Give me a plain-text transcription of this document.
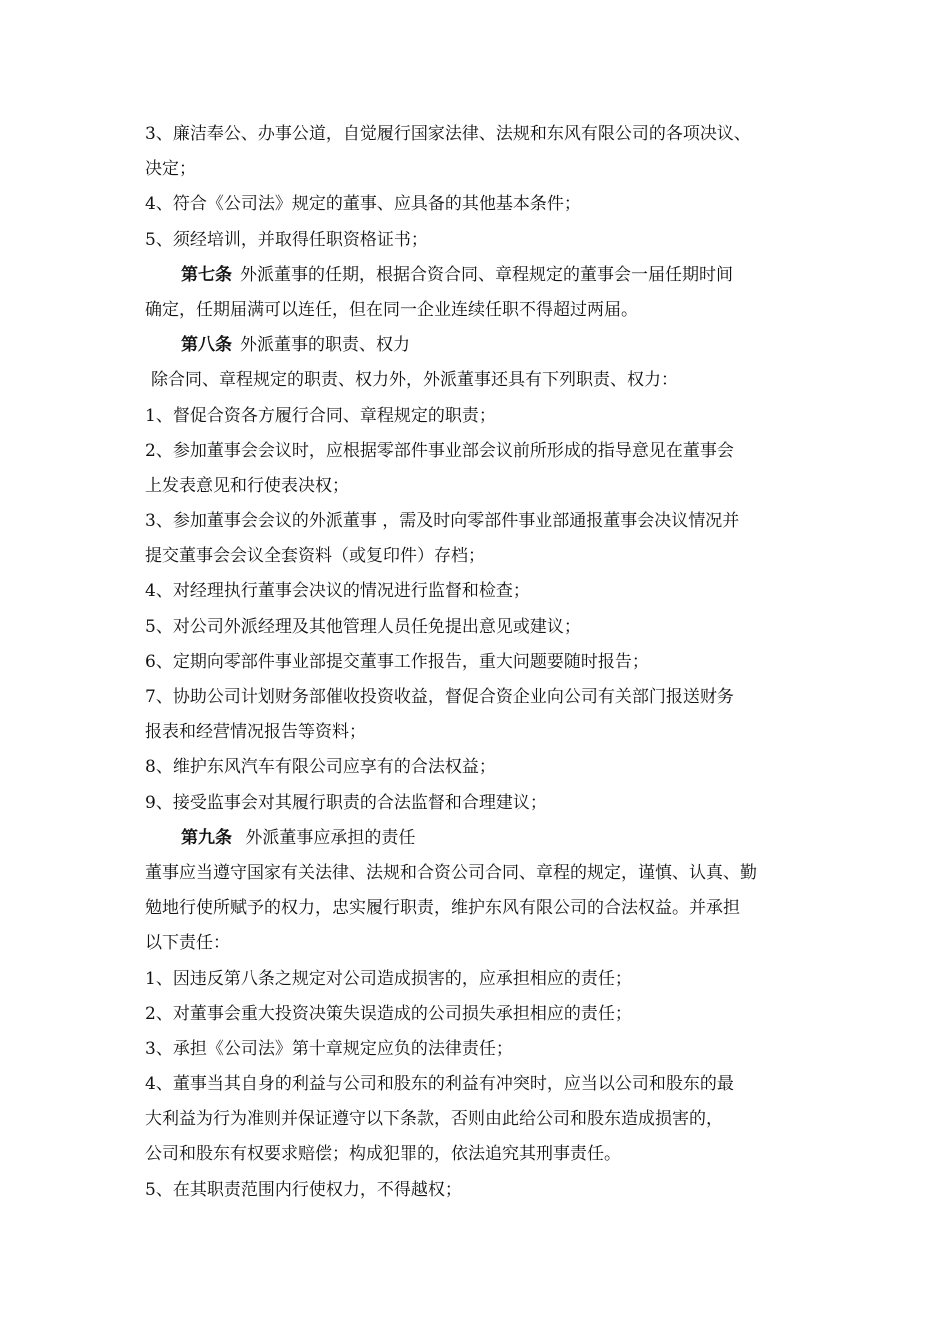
3、廉洁奉公、办事公道，自觉履行国家法律、法规和东风有限公司的各项决议、
决定；
4、符合《公司法》规定的董事、应具备的其他基本条件；
5、须经培训，并取得任职资格证书；
第七条 外派董事的任期，根据合资合同、章程规定的董事会一届任期时间
确定，任期届满可以连任，但在同一企业连续任职不得超过两届。
第八条 外派董事的职责、权力
除合同、章程规定的职责、权力外，外派董事还具有下列职责、权力：
1、督促合资各方履行合同、章程规定的职责；
2、参加董事会会议时，应根据零部件事业部会议前所形成的指导意见在董事会
上发表意见和行使表决权；
3、参加董事会会议的外派董事 ，需及时向零部件事业部通报董事会决议情况并
提交董事会会议全套资料（或复印件）存档；
4、对经理执行董事会决议的情况进行监督和检查；
5、对公司外派经理及其他管理人员任免提出意见或建议；
6、定期向零部件事业部提交董事工作报告，重大问题要随时报告；
7、协助公司计划财务部催收投资收益，督促合资企业向公司有关部门报送财务
报表和经营情况报告等资料；
8、维护东风汽车有限公司应享有的合法权益；
9、接受监事会对其履行职责的合法监督和合理建议；
第九条 外派董事应承担的责任
董事应当遵守国家有关法律、法规和合资公司合同、章程的规定，谨慎、认真、勤
勉地行使所赋予的权力，忠实履行职责，维护东风有限公司的合法权益。并承担
以下责任：
1、因违反第八条之规定对公司造成损害的，应承担相应的责任；
2、对董事会重大投资决策失误造成的公司损失承担相应的责任；
3、承担《公司法》第十章规定应负的法律责任；
4、董事当其自身的利益与公司和股东的利益有冲突时，应当以公司和股东的最
大利益为行为准则并保证遵守以下条款，否则由此给公司和股东造成损害的，
公司和股东有权要求赔偿；构成犯罪的，依法追究其刑事责任。
5、在其职责范围内行使权力，不得越权；
